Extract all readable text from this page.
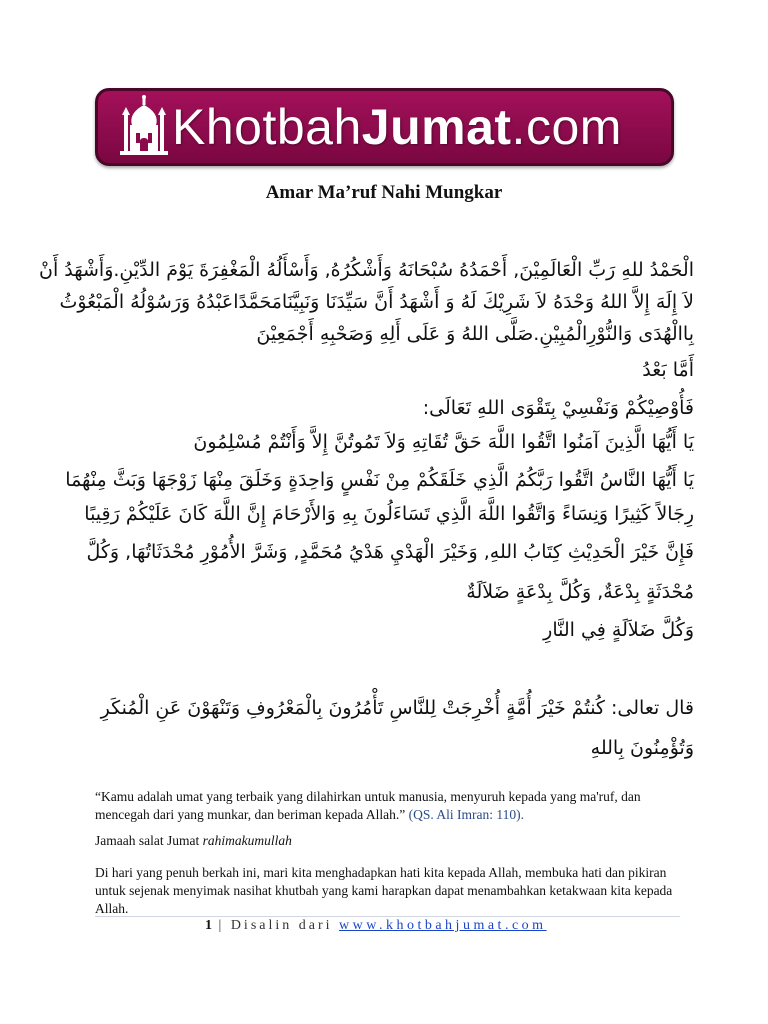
KhotbahJumat.com
Amar Ma’ruf Nahi Mungkar
الْحَمْدُ للهِ رَبِّ الْعَالَمِيْنَ, أَحْمَدُهُ سُبْحَانَهُ وَأَشْكُرُهُ, وَأَسْأَلُهُ الْمَغْفِرَةَ يَوْمَ الدِّيْنِ.وَأَشْهَدُ أَنْ
لاَ إِلَهَ إِلاَّ اللهُ وَحْدَهُ لاَ شَرِيْكَ لَهُ وَ أَشْهَدُ أَنَّ سَيِّدَنَا وَنَبِيَّنَامَحَمَّدًاعَبْدُهُ وَرَسُوْلُهُ الْمَبْعُوْثُ
بِاالْهُدَى وَالنُّوْرِالْمُبِيْنِ.صَلَّى اللهُ وَ عَلَى أَلِهِ وَصَحْبِهِ أَجْمَعِيْنَ
أَمَّا بَعْدُ
فَأُوْصِيْكُمْ وَنَفْسِيْ بِتَقْوَى اللهِ تَعَالَى:
يَا أَيُّهَا الَّذِينَ آمَنُوا اتَّقُوا اللَّهَ حَقَّ تُقَاتِهِ وَلاَ تَمُوتُنَّ إِلاَّ وَأَنْتُمْ مُسْلِمُونَ
يَا أَيُّهَا النَّاسُ اتَّقُوا رَبَّكُمُ الَّذِي خَلَقَكُمْ مِنْ نَفْسٍ وَاحِدَةٍ وَخَلَقَ مِنْهَا زَوْجَهَا وَبَثَّ مِنْهُمَا
رِجَالاً كَثِيرًا وَنِسَاءً وَاتَّقُوا اللَّهَ الَّذِي تَسَاءَلُونَ بِهِ وَالأَرْحَامَ إِنَّ اللَّهَ كَانَ عَلَيْكُمْ رَقِيبًا
فَإِنَّ خَيْرَ الْحَدِيْثِ كِتَابُ اللهِ, وَخَيْرَ الْهَدْيِ هَدْيُ مُحَمَّدٍ, وَشَرَّ الأُمُوْرِ مُحْدَثَاتُهَا, وَكُلَّ
مُحْدَثَةٍ بِدْعَةٌ, وَكُلَّ بِدْعَةٍ ضَلاَلَةٌ
وَكُلَّ ضَلاَلَةٍ فِي النَّارِ
قال تعالى: كُنتُمْ خَيْرَ أُمَّةٍ أُخْرِجَتْ لِلنَّاسِ تَأْمُرُونَ بِالْمَعْرُوفِ وَتَنْهَوْنَ عَنِ الْمُنكَرِ
وَتُؤْمِنُونَ بِاللهِ
“Kamu adalah umat yang terbaik yang dilahirkan untuk manusia, menyuruh kepada yang ma'ruf, dan mencegah dari yang munkar, dan beriman kepada Allah.” (QS. Ali Imran: 110).
Jamaah salat Jumat rahimakumullah
Di hari yang penuh berkah ini, mari kita menghadapkan hati kita kepada Allah, membuka hati dan pikiran untuk sejenak menyimak nasihat khutbah yang kami harapkan dapat menambahkan ketakwaan kita kepada Allah.
1 | Disalin dari www.khotbahjumat.com
